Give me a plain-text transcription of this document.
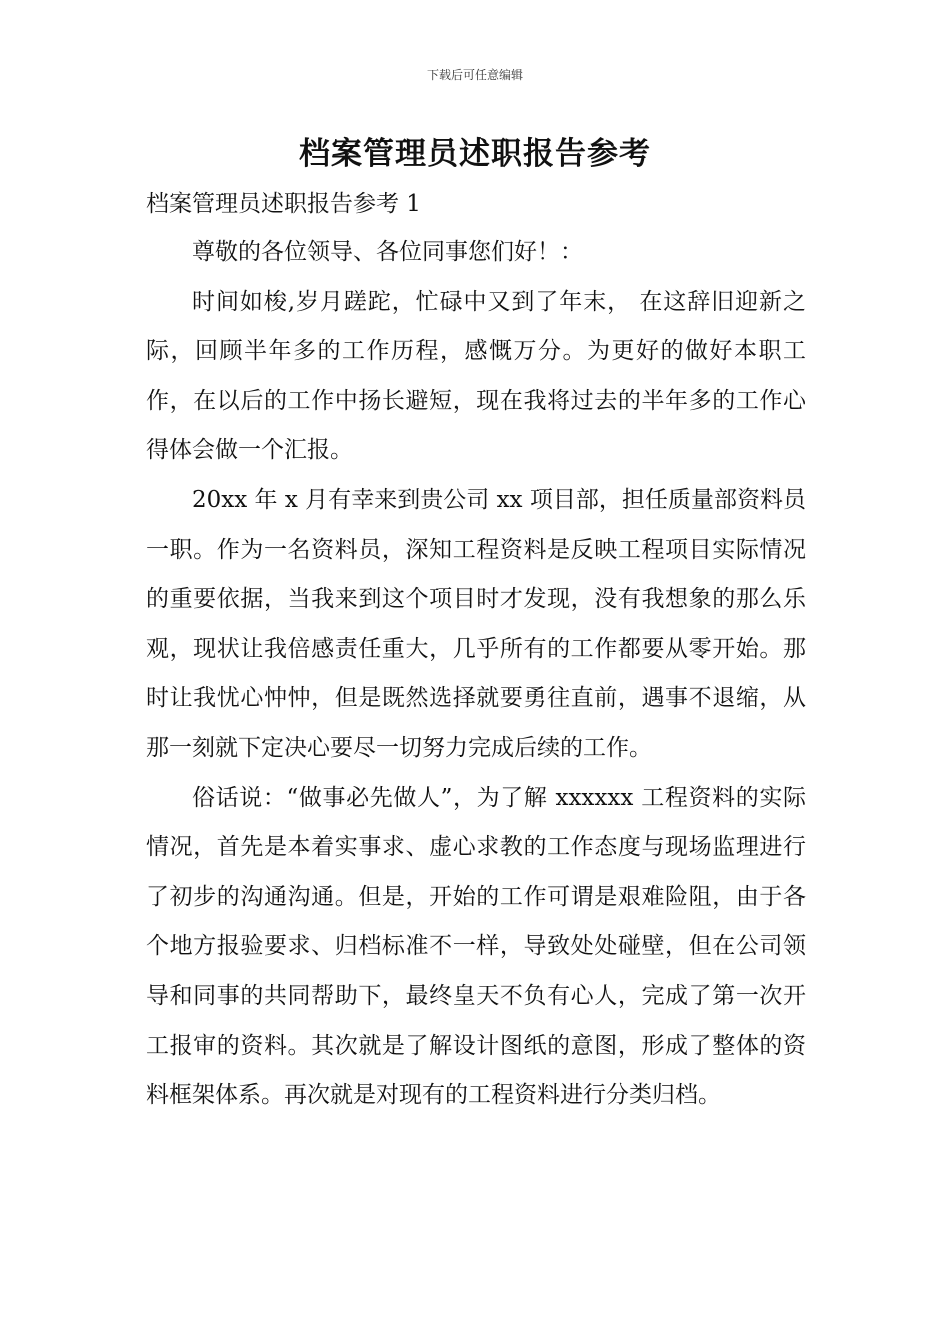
下载后可任意编辑
档案管理员述职报告参考
档案管理员述职报告参考 1

尊敬的各位领导、各位同事您们好！：

时间如梭,岁月蹉跎，忙碌中又到了年末， 在这辞旧迎新之际，回顾半年多的工作历程，感慨万分。为更好的做好本职工作，在以后的工作中扬长避短，现在我将过去的半年多的工作心得体会做一个汇报。

20xx 年 x 月有幸来到贵公司 xx 项目部，担任质量部资料员一职。作为一名资料员，深知工程资料是反映工程项目实际情况的重要依据，当我来到这个项目时才发现，没有我想象的那么乐观，现状让我倍感责任重大，几乎所有的工作都要从零开始。那时让我忧心忡忡，但是既然选择就要勇往直前，遇事不退缩，从那一刻就下定决心要尽一切努力完成后续的工作。

俗话说：“做事必先做人”，为了解 xxxxxx 工程资料的实际情况，首先是本着实事求、虚心求教的工作态度与现场监理进行了初步的沟通沟通。但是，开始的工作可谓是艰难险阻，由于各个地方报验要求、归档标准不一样，导致处处碰壁，但在公司领导和同事的共同帮助下，最终皇天不负有心人，完成了第一次开工报审的资料。其次就是了解设计图纸的意图，形成了整体的资料框架体系。再次就是对现有的工程资料进行分类归档。
